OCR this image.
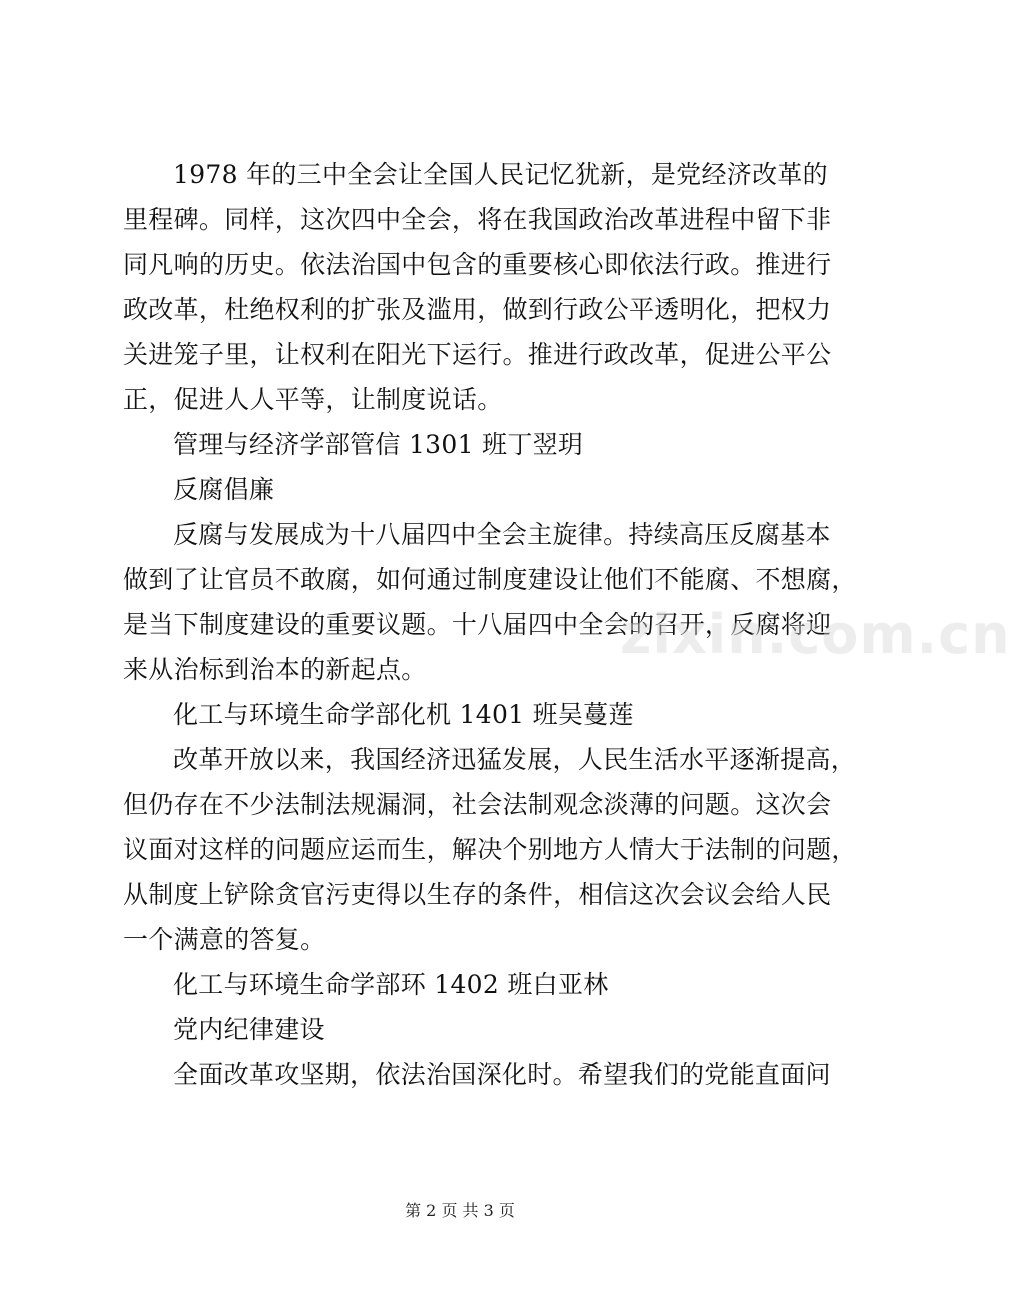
1978 年的三中全会让全国人民记忆犹新，是党经济改革的
里程碑。同样，这次四中全会，将在我国政治改革进程中留下非
同凡响的历史。依法治国中包含的重要核心即依法行政。推进行
政改革，杜绝权利的扩张及滥用，做到行政公平透明化，把权力
关进笼子里，让权利在阳光下运行。推进行政改革，促进公平公
正，促进人人平等，让制度说话。
管理与经济学部管信 1301 班丁翌玥
反腐倡廉
反腐与发展成为十八届四中全会主旋律。持续高压反腐基本
做到了让官员不敢腐，如何通过制度建设让他们不能腐、不想腐，
是当下制度建设的重要议题。十八届四中全会的召开，反腐将迎
来从治标到治本的新起点。
化工与环境生命学部化机 1401 班吴蔓莲
改革开放以来，我国经济迅猛发展，人民生活水平逐渐提高，
但仍存在不少法制法规漏洞，社会法制观念淡薄的问题。这次会
议面对这样的问题应运而生，解决个别地方人情大于法制的问题，
从制度上铲除贪官污吏得以生存的条件，相信这次会议会给人民
一个满意的答复。
化工与环境生命学部环 1402 班白亚林
党内纪律建设
全面改革攻坚期，依法治国深化时。希望我们的党能直面问
zixin.com.cn
第 2 页 共 3 页
